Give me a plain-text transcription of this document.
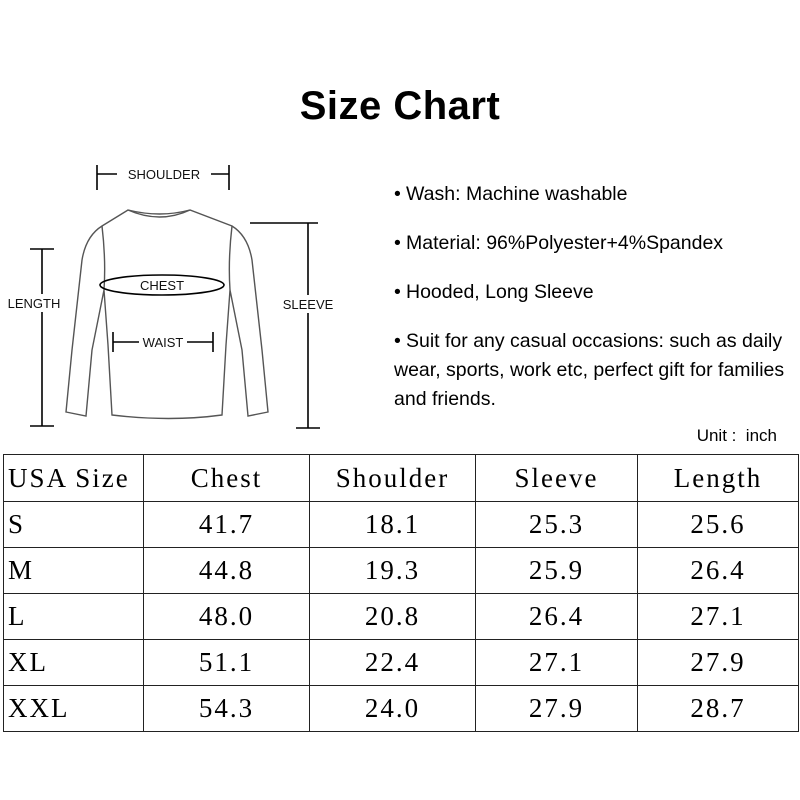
Size Chart
SHOULDER
CHEST
WAIST
LENGTH	SLEEVE
• Wash: Machine washable
• Material: 96%Polyester+4%Spandex
• Hooded, Long Sleeve
• Suit for any casual occasions: such as daily wear, sports, work etc, perfect gift for families and friends.
Unit :  inch
USA Size	Chest	Shoulder	Sleeve	Length
S	41.7	18.1	25.3	25.6
M	44.8	19.3	25.9	26.4
L	48.0	20.8	26.4	27.1
XL	51.1	22.4	27.1	27.9
XXL	54.3	24.0	27.9	28.7
